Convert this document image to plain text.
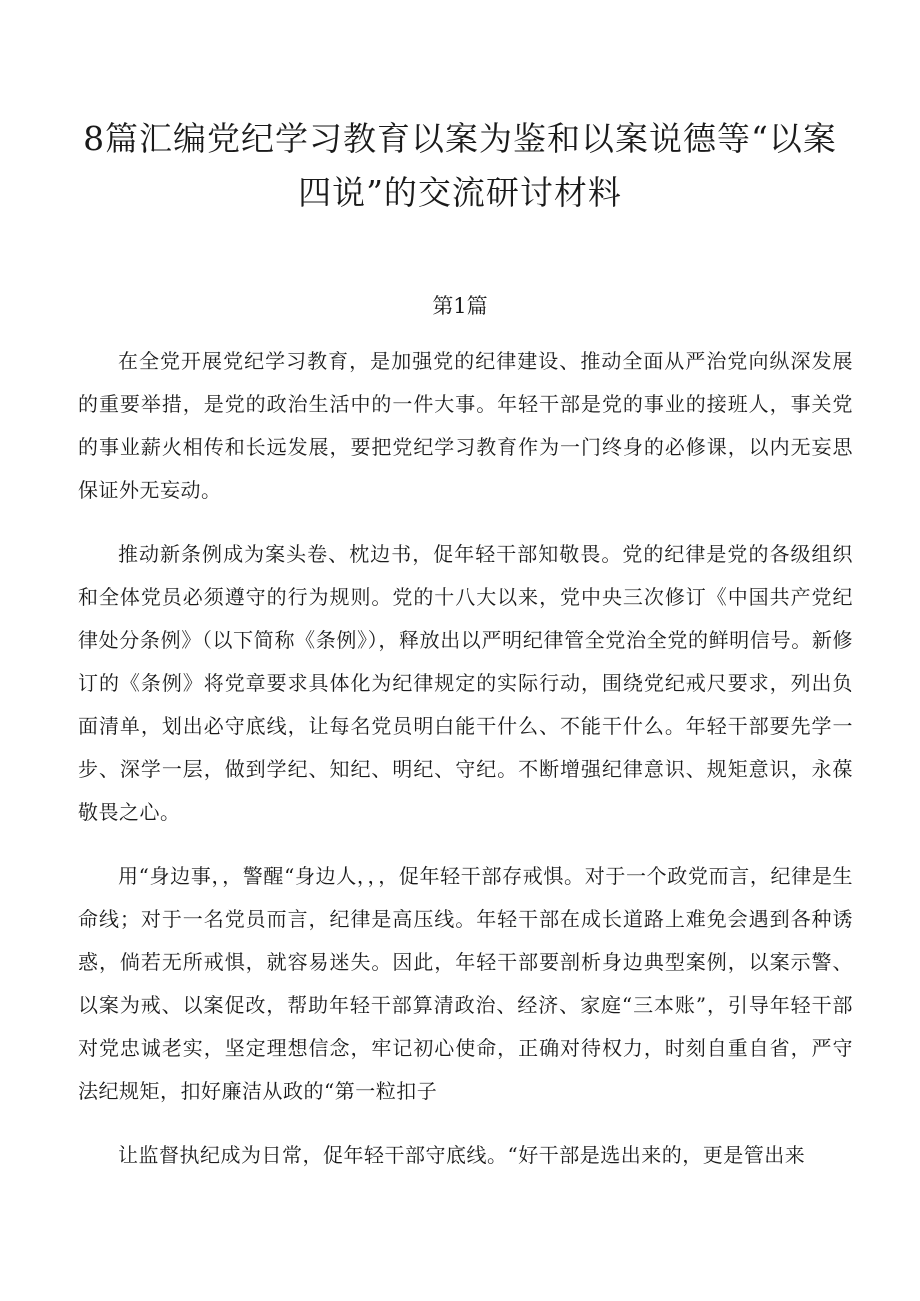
8篇汇编党纪学习教育以案为鉴和以案说德等“以案四说”的交流研讨材料
第1篇

在全党开展党纪学习教育，是加强党的纪律建设、推动全面从严治党向纵深发展的重要举措，是党的政治生活中的一件大事。年轻干部是党的事业的接班人，事关党的事业薪火相传和长远发展，要把党纪学习教育作为一门终身的必修课，以内无妄思保证外无妄动。

推动新条例成为案头卷、枕边书，促年轻干部知敬畏。党的纪律是党的各级组织和全体党员必须遵守的行为规则。党的十八大以来，党中央三次修订《中国共产党纪律处分条例》（以下简称《条例》），释放出以严明纪律管全党治全党的鲜明信号。新修订的《条例》将党章要求具体化为纪律规定的实际行动，围绕党纪戒尺要求，列出负面清单，划出必守底线，让每名党员明白能干什么、不能干什么。年轻干部要先学一步、深学一层，做到学纪、知纪、明纪、守纪。不断增强纪律意识、规矩意识，永葆敬畏之心。

用“身边事，，警醒“身边人，，，促年轻干部存戒惧。对于一个政党而言，纪律是生命线；对于一名党员而言，纪律是高压线。年轻干部在成长道路上难免会遇到各种诱惑，倘若无所戒惧，就容易迷失。因此，年轻干部要剖析身边典型案例，以案示警、以案为戒、以案促改，帮助年轻干部算清政治、经济、家庭“三本账”，引导年轻干部对党忠诚老实，坚定理想信念，牢记初心使命，正确对待权力，时刻自重自省，严守法纪规矩，扣好廉洁从政的“第一粒扣子

让监督执纪成为日常，促年轻干部守底线。“好干部是选出来的，更是管出来
